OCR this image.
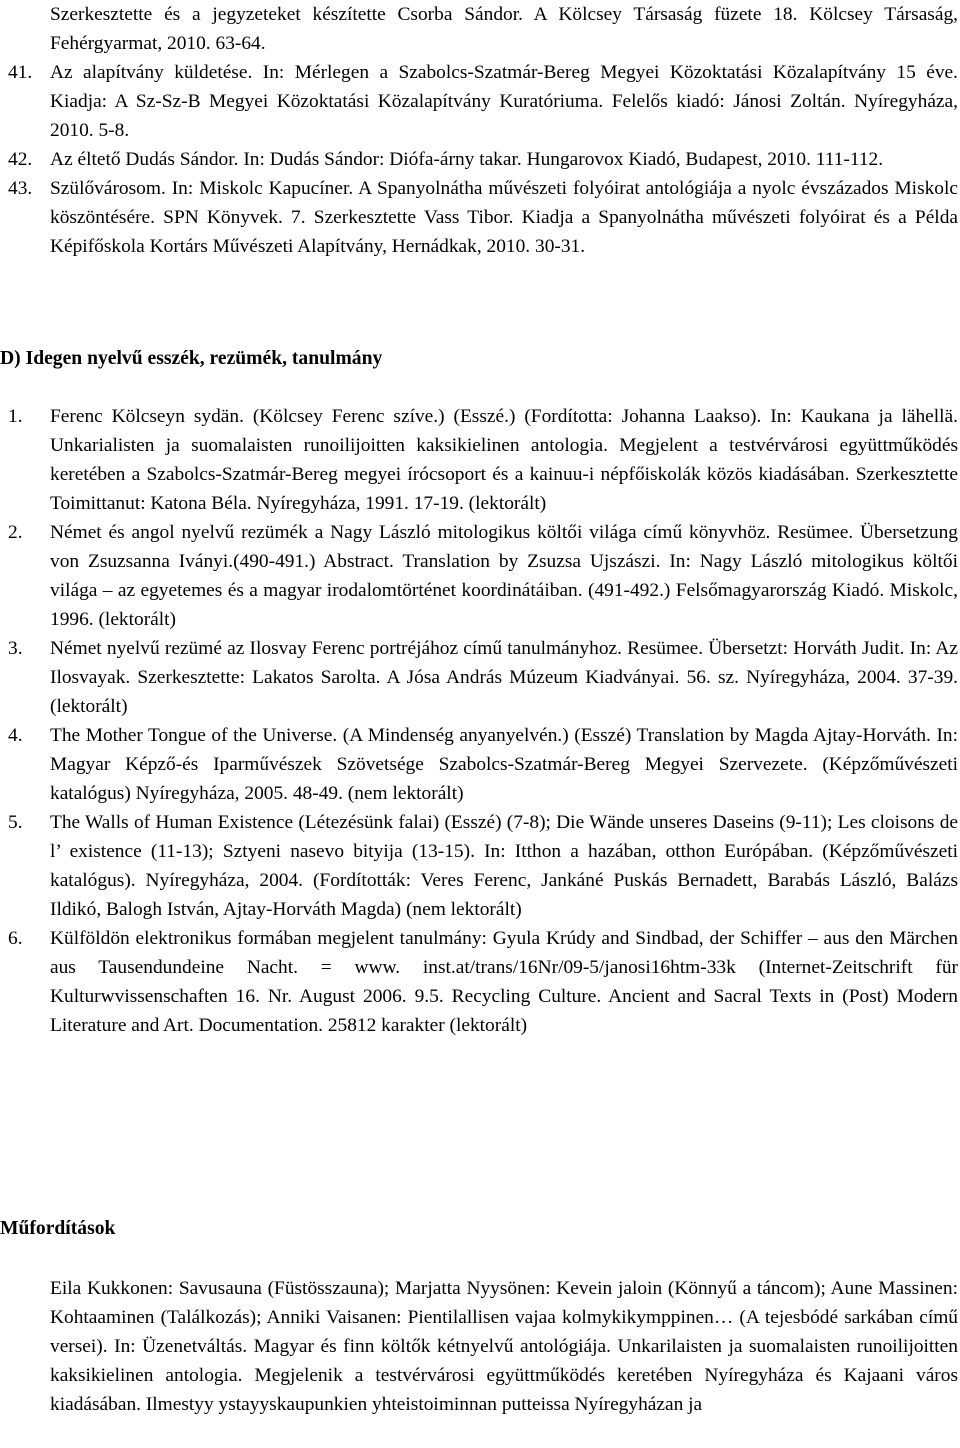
Szerkesztette és a jegyzeteket készítette Csorba Sándor. A Kölcsey Társaság füzete 18. Kölcsey Társaság, Fehérgyarmat, 2010. 63-64.
41. Az alapítvány küldetése. In: Mérlegen a Szabolcs-Szatmár-Bereg Megyei Közoktatási Közalapítvány 15 éve. Kiadja: A Sz-Sz-B Megyei Közoktatási Közalapítvány Kuratóriuma. Felelős kiadó: Jánosi Zoltán. Nyíregyháza, 2010. 5-8.
42. Az éltető Dudás Sándor. In: Dudás Sándor: Diófa-árny takar. Hungarovox Kiadó, Budapest, 2010. 111-112.
43. Szülővárosom. In: Miskolc Kapucíner. A Spanyolnátha művészeti folyóirat antológiája a nyolc évszázados Miskolc köszöntésére. SPN Könyvek. 7. Szerkesztette Vass Tibor. Kiadja a Spanyolnátha művészeti folyóirat és a Példa Képifőskola Kortárs Művészeti Alapítvány, Hernádkak, 2010. 30-31.
D) Idegen nyelvű esszék, rezümék, tanulmány
1. Ferenc Kölcseyn sydän. (Kölcsey Ferenc szíve.) (Esszé.) (Fordította: Johanna Laakso). In: Kaukana ja lähellä. Unkarialisten ja suomalaisten runoilijoitten kaksikielinen antologia. Megjelent a testvérvárosi együttműködés keretében a Szabolcs-Szatmár-Bereg megyei írócsoport és a kainuu-i népfőiskolák közös kiadásában. Szerkesztette Toimittanut: Katona Béla. Nyíregyháza, 1991. 17-19. (lektorált)
2. Német és angol nyelvű rezümék a Nagy László mitologikus költői világa című könyvhöz. Resümee. Übersetzung von Zsuzsanna Iványi.(490-491.) Abstract. Translation by Zsuzsa Ujszászi. In: Nagy László mitologikus költői világa – az egyetemes és a magyar irodalomtörténet koordinátáiban. (491-492.) Felsőmagyarország Kiadó. Miskolc, 1996. (lektorált)
3. Német nyelvű rezümé az Ilosvay Ferenc portréjához című tanulmányhoz. Resümee. Übersetzt: Horváth Judit. In: Az Ilosvayak. Szerkesztette: Lakatos Sarolta. A Jósa András Múzeum Kiadványai. 56. sz. Nyíregyháza, 2004. 37-39. (lektorált)
4. The Mother Tongue of the Universe. (A Mindenség anyanyelvén.) (Esszé) Translation by Magda Ajtay-Horváth. In: Magyar Képző-és Iparművészek Szövetsége Szabolcs-Szatmár-Bereg Megyei Szervezete. (Képzőművészeti katalógus) Nyíregyháza, 2005. 48-49. (nem lektorált)
5. The Walls of Human Existence (Létezésünk falai) (Esszé) (7-8); Die Wände unseres Daseins (9-11); Les cloisons de l’ existence (11-13); Sztyeni nasevo bityija (13-15). In: Itthon a hazában, otthon Európában. (Képzőművészeti katalógus). Nyíregyháza, 2004. (Fordították: Veres Ferenc, Jankáné Puskás Bernadett, Barabás László, Balázs Ildikó, Balogh István, Ajtay-Horváth Magda) (nem lektorált)
6. Külföldön elektronikus formában megjelent tanulmány: Gyula Krúdy and Sindbad, der Schiffer – aus den Märchen aus Tausendundeine Nacht. = www. inst.at/trans/16Nr/09-5/janosi16htm-33k (Internet-Zeitschrift für Kulturwvissenschaften 16. Nr. August 2006. 9.5. Recycling Culture. Ancient and Sacral Texts in (Post) Modern Literature and Art. Documentation. 25812 karakter (lektorált)
Műfordítások
Eila Kukkonen: Savusauna (Füstösszauna); Marjatta Nyysönen: Kevein jaloin (Könnyű a táncom); Aune Massinen: Kohtaaminen (Találkozás); Anniki Vaisanen: Pientilallisen vajaa kolmykikymppinen… (A tejesbódé sarkában című versei). In: Üzenetváltás. Magyar és finn költők kétnyelvű antológiája. Unkarilaisten ja suomalaisten runoilijoitten kaksikielinen antologia. Megjelenik a testvérvárosi együttműködés keretében Nyíregyháza és Kajaani város kiadásában. Ilmestyy ystayyskaupunkien yhteistoiminnan putteissa Nyíregyházan ja
